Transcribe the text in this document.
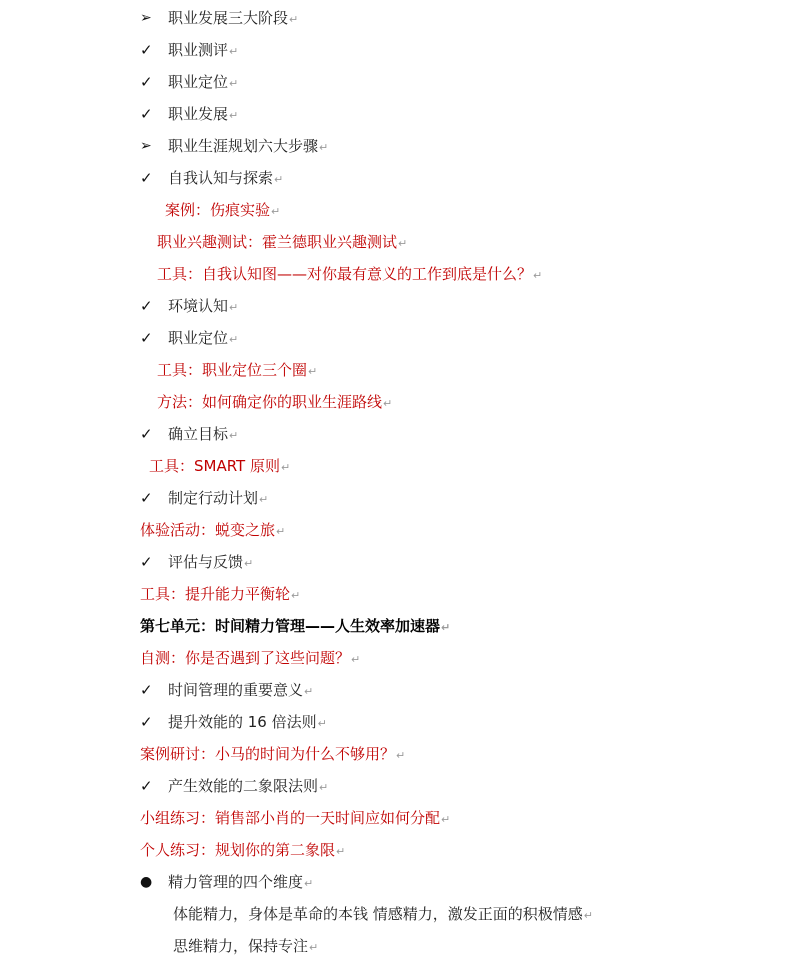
➢	职业发展三大阶段↵
✓	职业测评↵
✓	职业定位↵
✓	职业发展↵
➢	职业生涯规划六大步骤↵
✓	自我认知与探索↵
案例：伤痕实验↵
职业兴趣测试：霍兰德职业兴趣测试↵
工具：自我认知图——对你最有意义的工作到底是什么？↵
✓	环境认知↵
✓	职业定位↵
工具：职业定位三个圈↵
方法：如何确定你的职业生涯路线↵
✓	确立目标↵
工具：SMART 原则↵
✓	制定行动计划↵
体验活动：蜕变之旅↵
✓	评估与反馈↵
工具：提升能力平衡轮↵
第七单元：时间精力管理——人生效率加速器↵
自测：你是否遇到了这些问题？↵
✓	时间管理的重要意义↵
✓	提升效能的 16 倍法则↵
案例研讨：小马的时间为什么不够用？↵
✓	产生效能的二象限法则↵
小组练习：销售部小肖的一天时间应如何分配↵
个人练习：规划你的第二象限↵
●	精力管理的四个维度↵
体能精力，身体是革命的本钱 情感精力，激发正面的积极情感↵
思维精力，保持专注↵
